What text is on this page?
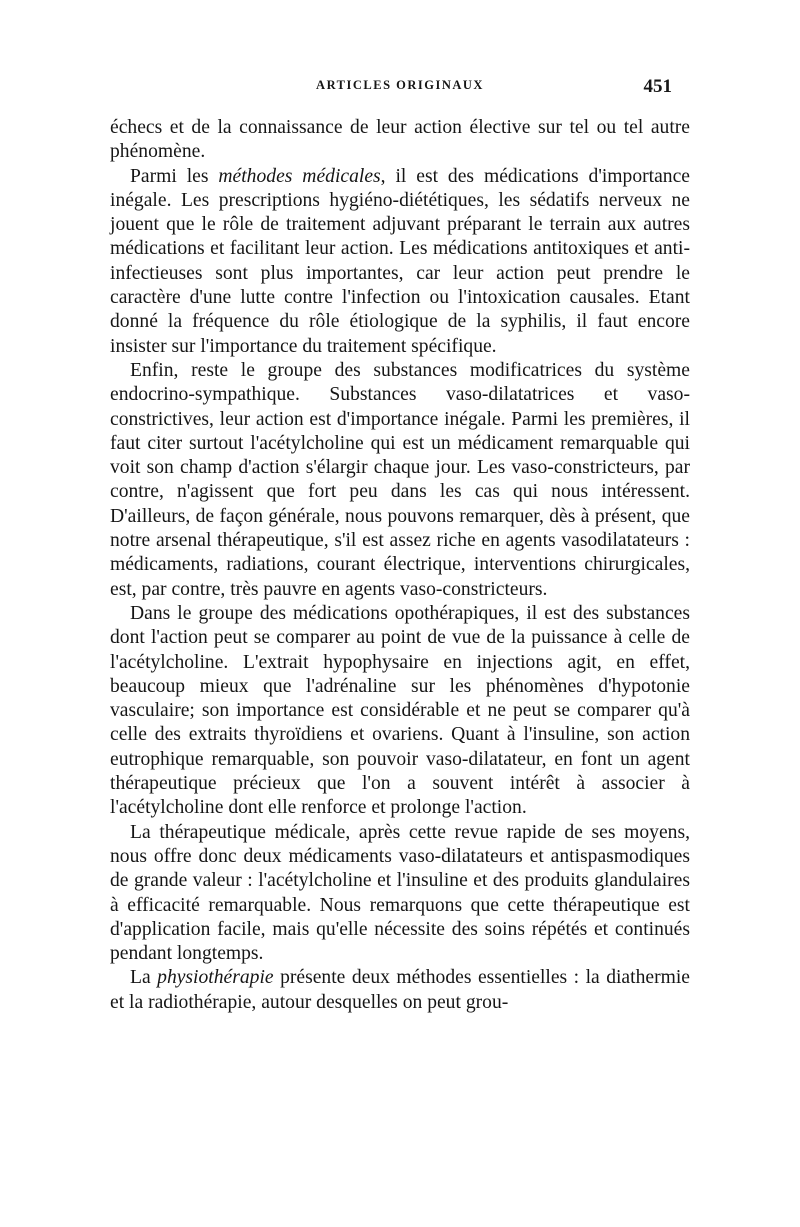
ARTICLES ORIGINAUX	451

échecs et de la connaissance de leur action élective sur tel ou tel autre phénomène.

Parmi les méthodes médicales, il est des médications d'importance inégale. Les prescriptions hygiéno-diététiques, les sédatifs nerveux ne jouent que le rôle de traitement adjuvant préparant le terrain aux autres médications et facilitant leur action. Les médications antitoxiques et anti-infectieuses sont plus importantes, car leur action peut prendre le caractère d'une lutte contre l'infection ou l'intoxication causales. Etant donné la fréquence du rôle étiologique de la syphilis, il faut encore insister sur l'importance du traitement spécifique.

Enfin, reste le groupe des substances modificatrices du système endocrino-sympathique. Substances vaso-dilatatrices et vaso-constrictives, leur action est d'importance inégale. Parmi les premières, il faut citer surtout l'acétylcholine qui est un médicament remarquable qui voit son champ d'action s'élargir chaque jour. Les vaso-constricteurs, par contre, n'agissent que fort peu dans les cas qui nous intéressent. D'ailleurs, de façon générale, nous pouvons remarquer, dès à présent, que notre arsenal thérapeutique, s'il est assez riche en agents vasodilatateurs : médicaments, radiations, courant électrique, interventions chirurgicales, est, par contre, très pauvre en agents vaso-constricteurs.

Dans le groupe des médications opothérapiques, il est des substances dont l'action peut se comparer au point de vue de la puissance à celle de l'acétylcholine. L'extrait hypophysaire en injections agit, en effet, beaucoup mieux que l'adrénaline sur les phénomènes d'hypotonie vasculaire; son importance est considérable et ne peut se comparer qu'à celle des extraits thyroïdiens et ovariens. Quant à l'insuline, son action eutrophique remarquable, son pouvoir vaso-dilatateur, en font un agent thérapeutique précieux que l'on a souvent intérêt à associer à l'acétylcholine dont elle renforce et prolonge l'action.

La thérapeutique médicale, après cette revue rapide de ses moyens, nous offre donc deux médicaments vaso-dilatateurs et antispasmodiques de grande valeur : l'acétylcholine et l'insuline et des produits glandulaires à efficacité remarquable. Nous remarquons que cette thérapeutique est d'application facile, mais qu'elle nécessite des soins répétés et continués pendant longtemps.

La physiothérapie présente deux méthodes essentielles : la diathermie et la radiothérapie, autour desquelles on peut grou-
